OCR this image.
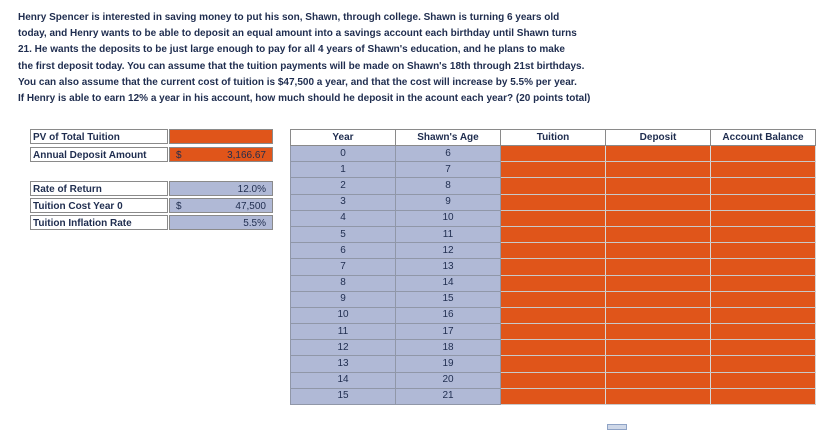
Henry Spencer is interested in saving money to put his son, Shawn, through college. Shawn is turning 6 years old
today, and Henry wants to be able to deposit an equal amount into a savings account each birthday until Shawn turns
21. He wants the deposits to be just large enough to pay for all 4 years of Shawn's education, and he plans to make
the first deposit today. You can assume that the tuition payments will be made on Shawn's 18th through 21st birthdays.
You can also assume that the current cost of tuition is $47,500 a year, and that the cost will increase by 5.5% per year.
If Henry is able to earn 12% a year in his account, how much should he deposit in the acount each year? (20 points total)
PV of Total Tuition
Annual Deposit Amount	$	3,166.67
Rate of Return	12.0%
Tuition Cost Year 0	$	47,500
Tuition Inflation Rate	5.5%
Year	Shawn's Age	Tuition	Deposit	Account Balance
0	6			
1	7			
2	8			
3	9			
4	10			
5	11			
6	12			
7	13			
8	14			
9	15			
10	16			
11	17			
12	18			
13	19			
14	20			
15	21			
